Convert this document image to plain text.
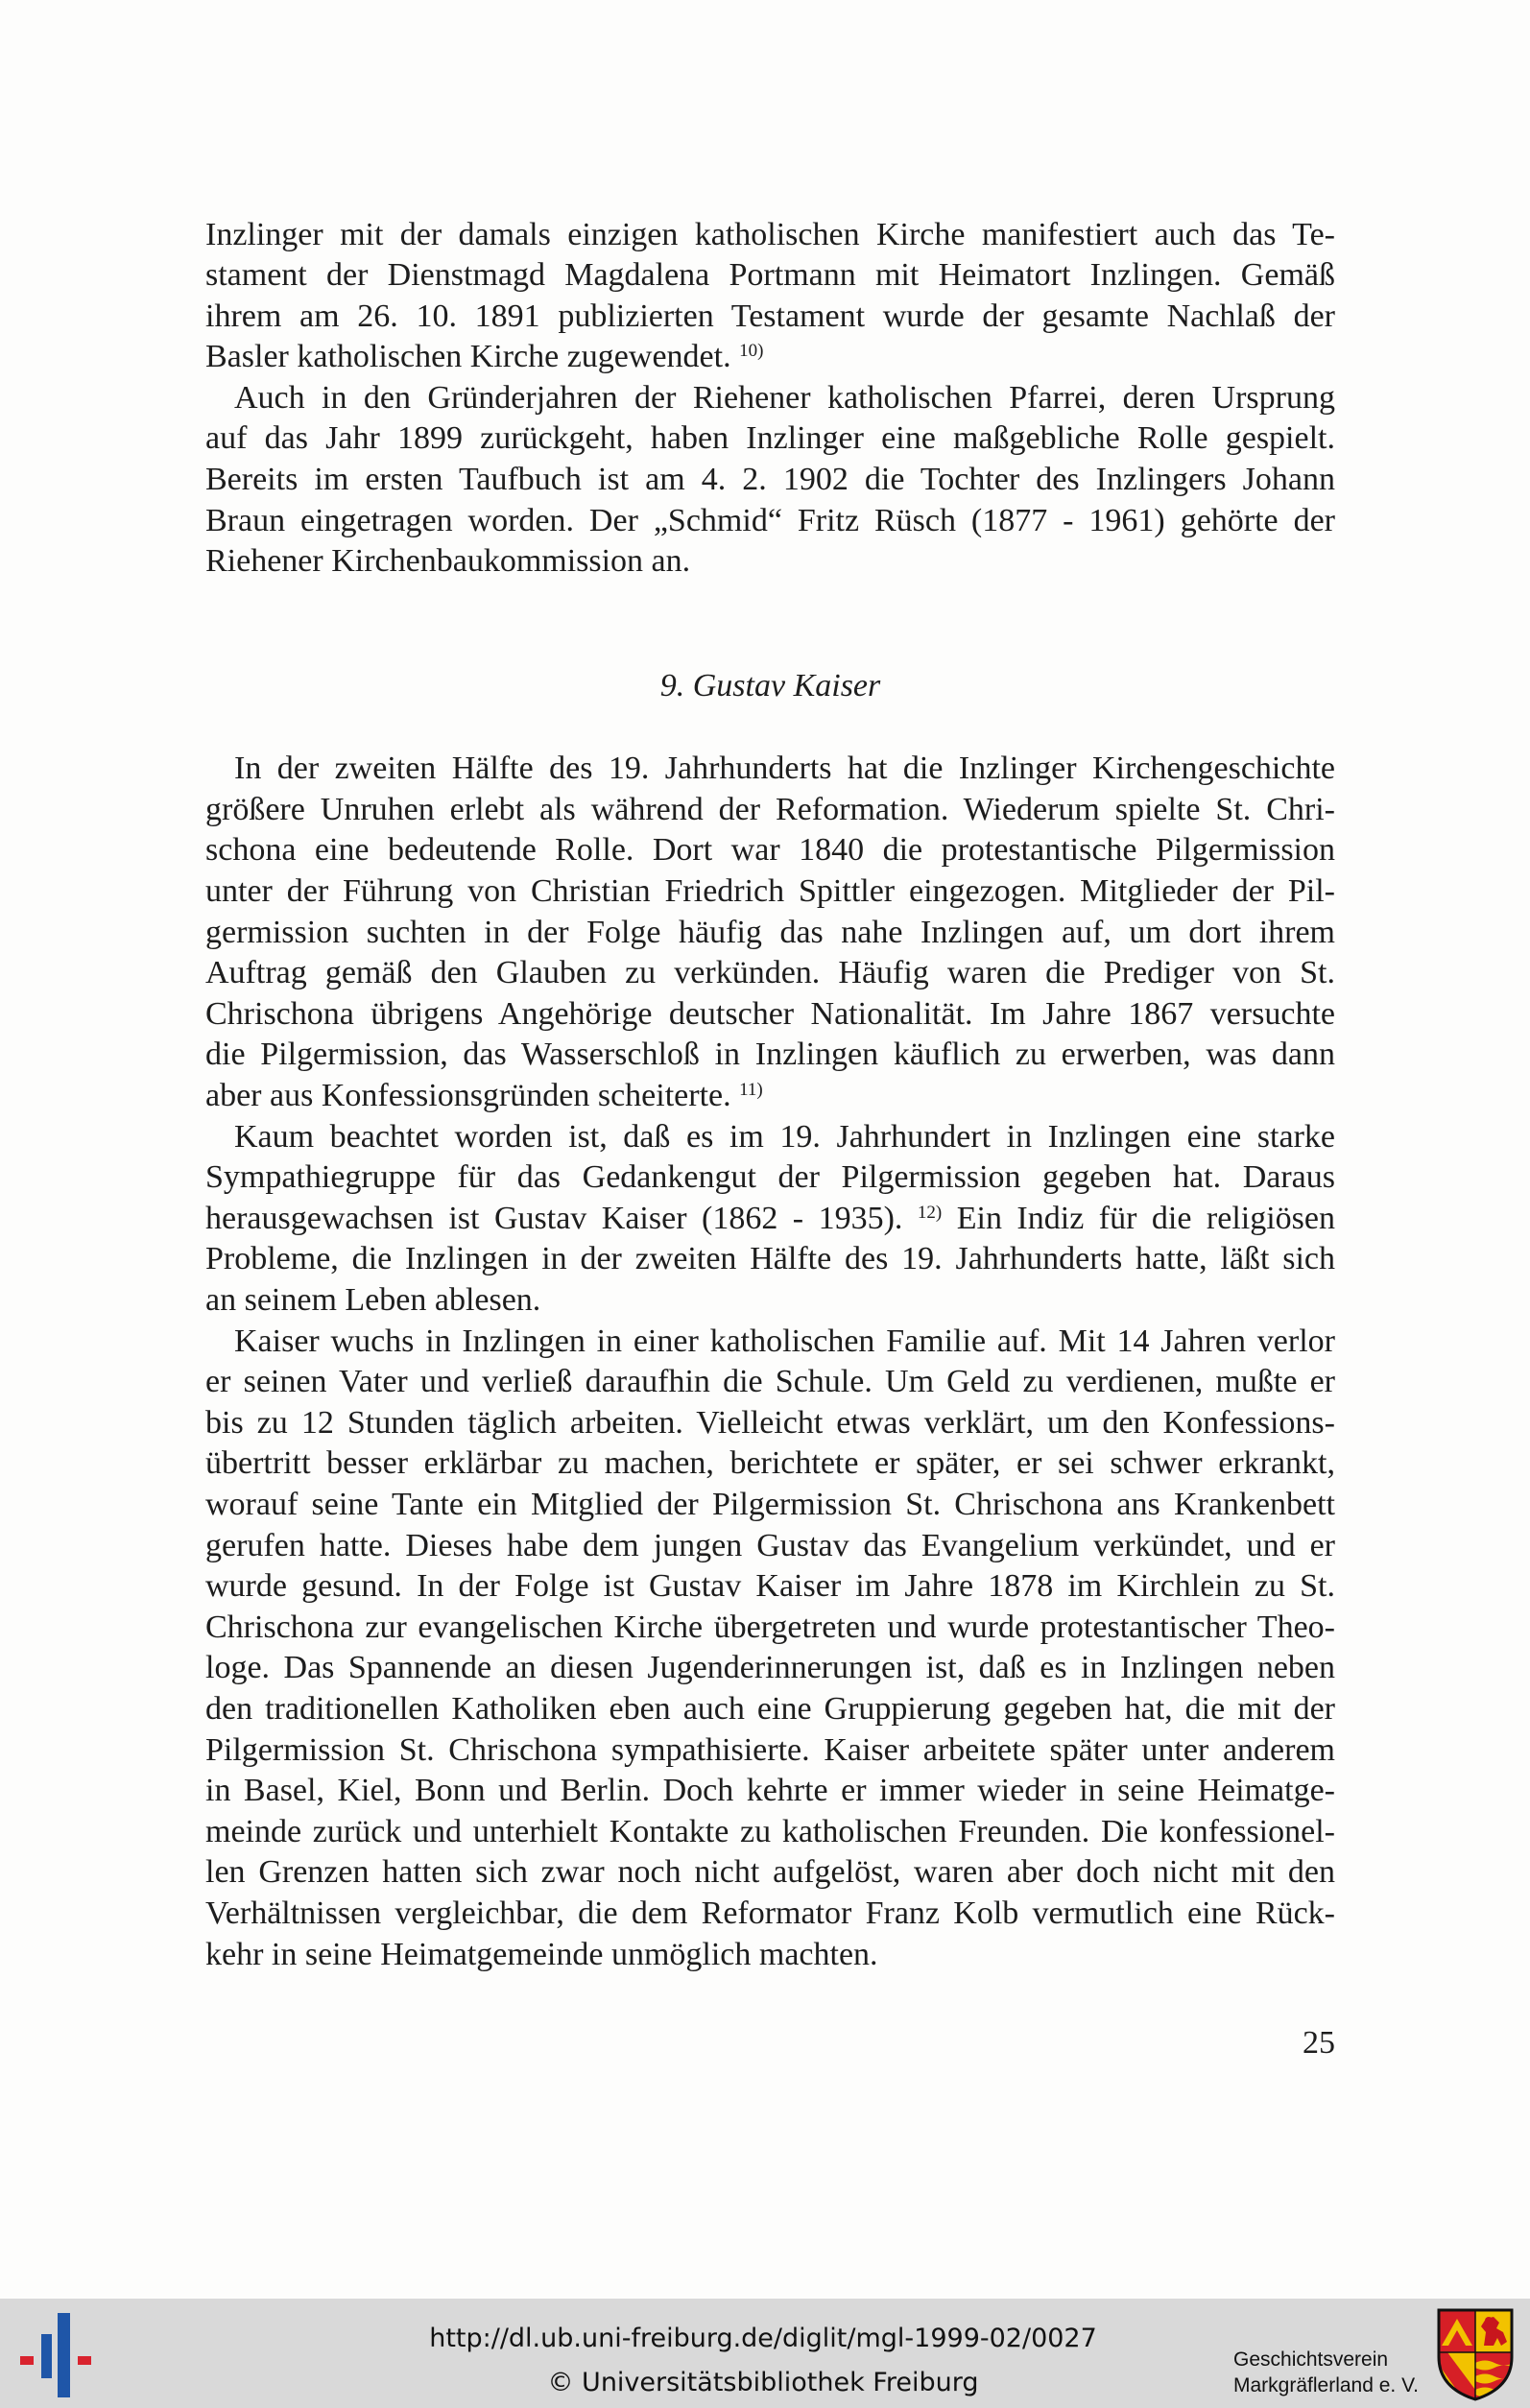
Inzlinger mit der damals einzigen katholischen Kirche manifestiert auch das Te-
stament der Dienstmagd Magdalena Portmann mit Heimatort Inzlingen. Gemäß
ihrem am 26. 10. 1891 publizierten Testament wurde der gesamte Nachlaß der
Basler katholischen Kirche zugewendet. $^{10)}$
Auch in den Gründerjahren der Riehener katholischen Pfarrei, deren Ursprung
auf das Jahr 1899 zurückgeht, haben Inzlinger eine maßgebliche Rolle gespielt.
Bereits im ersten Taufbuch ist am 4. 2. 1902 die Tochter des Inzlingers Johann
Braun eingetragen worden. Der „Schmid“ Fritz Rüsch (1877 - 1961) gehörte der
Riehener Kirchenbaukommission an.
9. Gustav Kaiser
In der zweiten Hälfte des 19. Jahrhunderts hat die Inzlinger Kirchengeschichte
größere Unruhen erlebt als während der Reformation. Wiederum spielte St. Chri-
schona eine bedeutende Rolle. Dort war 1840 die protestantische Pilgermission
unter der Führung von Christian Friedrich Spittler eingezogen. Mitglieder der Pil-
germission suchten in der Folge häufig das nahe Inzlingen auf, um dort ihrem
Auftrag gemäß den Glauben zu verkünden. Häufig waren die Prediger von St.
Chrischona übrigens Angehörige deutscher Nationalität. Im Jahre 1867 versuchte
die Pilgermission, das Wasserschloß in Inzlingen käuflich zu erwerben, was dann
aber aus Konfessionsgründen scheiterte. $^{11)}$
Kaum beachtet worden ist, daß es im 19. Jahrhundert in Inzlingen eine starke
Sympathiegruppe für das Gedankengut der Pilgermission gegeben hat. Daraus
herausgewachsen ist Gustav Kaiser (1862 - 1935). $^{12)}$ Ein Indiz für die religiösen
Probleme, die Inzlingen in der zweiten Hälfte des 19. Jahrhunderts hatte, läßt sich
an seinem Leben ablesen.
Kaiser wuchs in Inzlingen in einer katholischen Familie auf. Mit 14 Jahren verlor
er seinen Vater und verließ daraufhin die Schule. Um Geld zu verdienen, mußte er
bis zu 12 Stunden täglich arbeiten. Vielleicht etwas verklärt, um den Konfessions-
übertritt besser erklärbar zu machen, berichtete er später, er sei schwer erkrankt,
worauf seine Tante ein Mitglied der Pilgermission St. Chrischona ans Krankenbett
gerufen hatte. Dieses habe dem jungen Gustav das Evangelium verkündet, und er
wurde gesund. In der Folge ist Gustav Kaiser im Jahre 1878 im Kirchlein zu St.
Chrischona zur evangelischen Kirche übergetreten und wurde protestantischer Theo-
loge. Das Spannende an diesen Jugenderinnerungen ist, daß es in Inzlingen neben
den traditionellen Katholiken eben auch eine Gruppierung gegeben hat, die mit der
Pilgermission St. Chrischona sympathisierte. Kaiser arbeitete später unter anderem
in Basel, Kiel, Bonn und Berlin. Doch kehrte er immer wieder in seine Heimatge-
meinde zurück und unterhielt Kontakte zu katholischen Freunden. Die konfessionel-
len Grenzen hatten sich zwar noch nicht aufgelöst, waren aber doch nicht mit den
Verhältnissen vergleichbar, die dem Reformator Franz Kolb vermutlich eine Rück-
kehr in seine Heimatgemeinde unmöglich machten.
25
http://dl.ub.uni-freiburg.de/diglit/mgl-1999-02/0027
© Universitätsbibliothek Freiburg
Geschichtsverein
Markgräflerland e. V.
